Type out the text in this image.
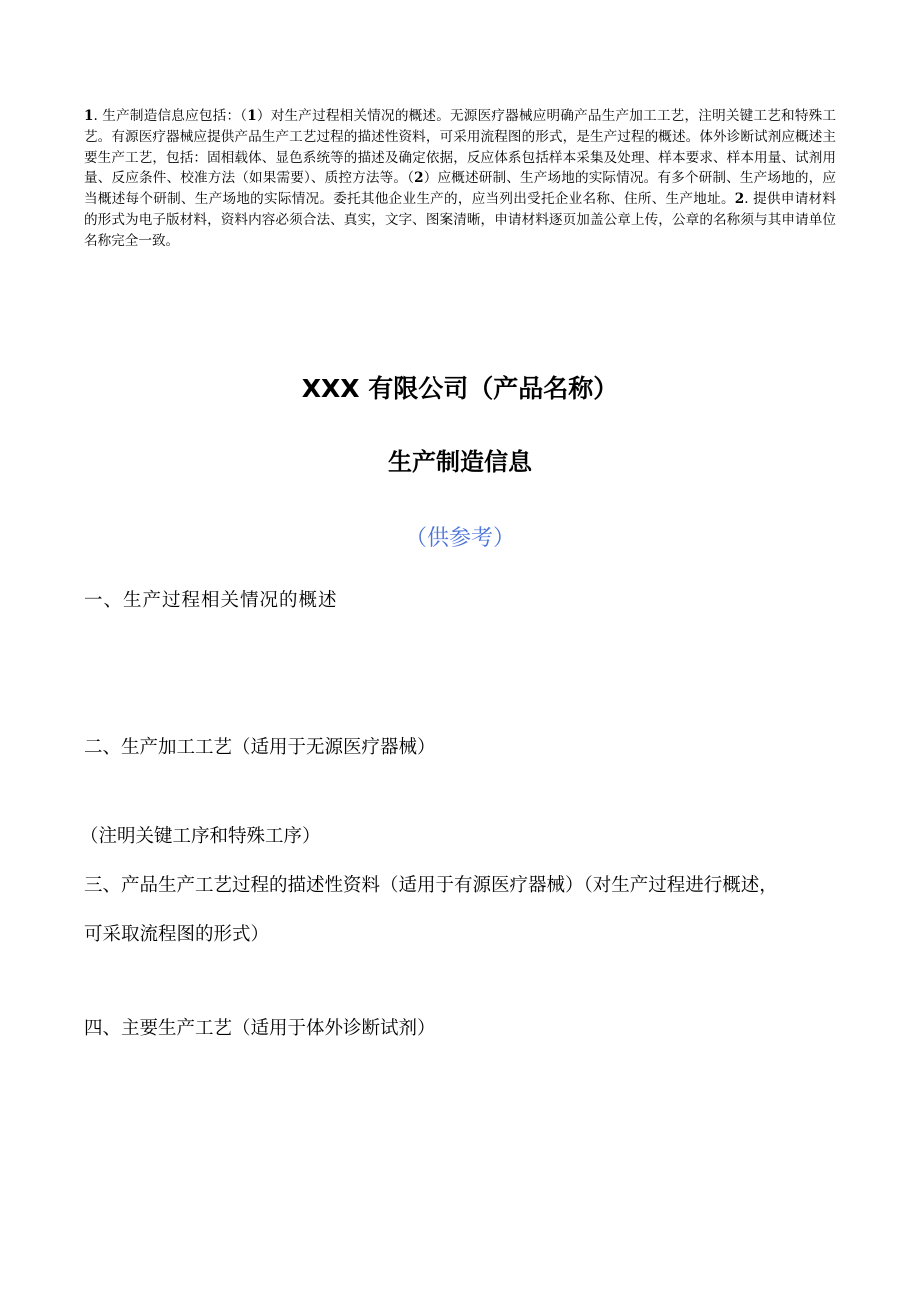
1. 生产制造信息应包括：（1）对生产过程相关情况的概述。无源医疗器械应明确产品生产加工工艺，注明关键工艺和特殊工艺。有源医疗器械应提供产品生产工艺过程的描述性资料，可采用流程图的形式，是生产过程的概述。体外诊断试剂应概述主要生产工艺，包括：固相载体、显色系统等的描述及确定依据，反应体系包括样本采集及处理、样本要求、样本用量、试剂用量、反应条件、校准方法（如果需要）、质控方法等。（2）应概述研制、生产场地的实际情况。有多个研制、生产场地的，应当概述每个研制、生产场地的实际情况。委托其他企业生产的，应当列出受托企业名称、住所、生产地址。2. 提供申请材料的形式为电子版材料，资料内容必须合法、真实，文字、图案清晰，申请材料逐页加盖公章上传，公章的名称须与其申请单位名称完全一致。

XXX 有限公司（产品名称）
生产制造信息
（供参考）
一、生产过程相关情况的概述
二、生产加工工艺（适用于无源医疗器械）
（注明关键工序和特殊工序）
三、产品生产工艺过程的描述性资料（适用于有源医疗器械）（对生产过程进行概述，
可采取流程图的形式）
四、主要生产工艺（适用于体外诊断试剂）
